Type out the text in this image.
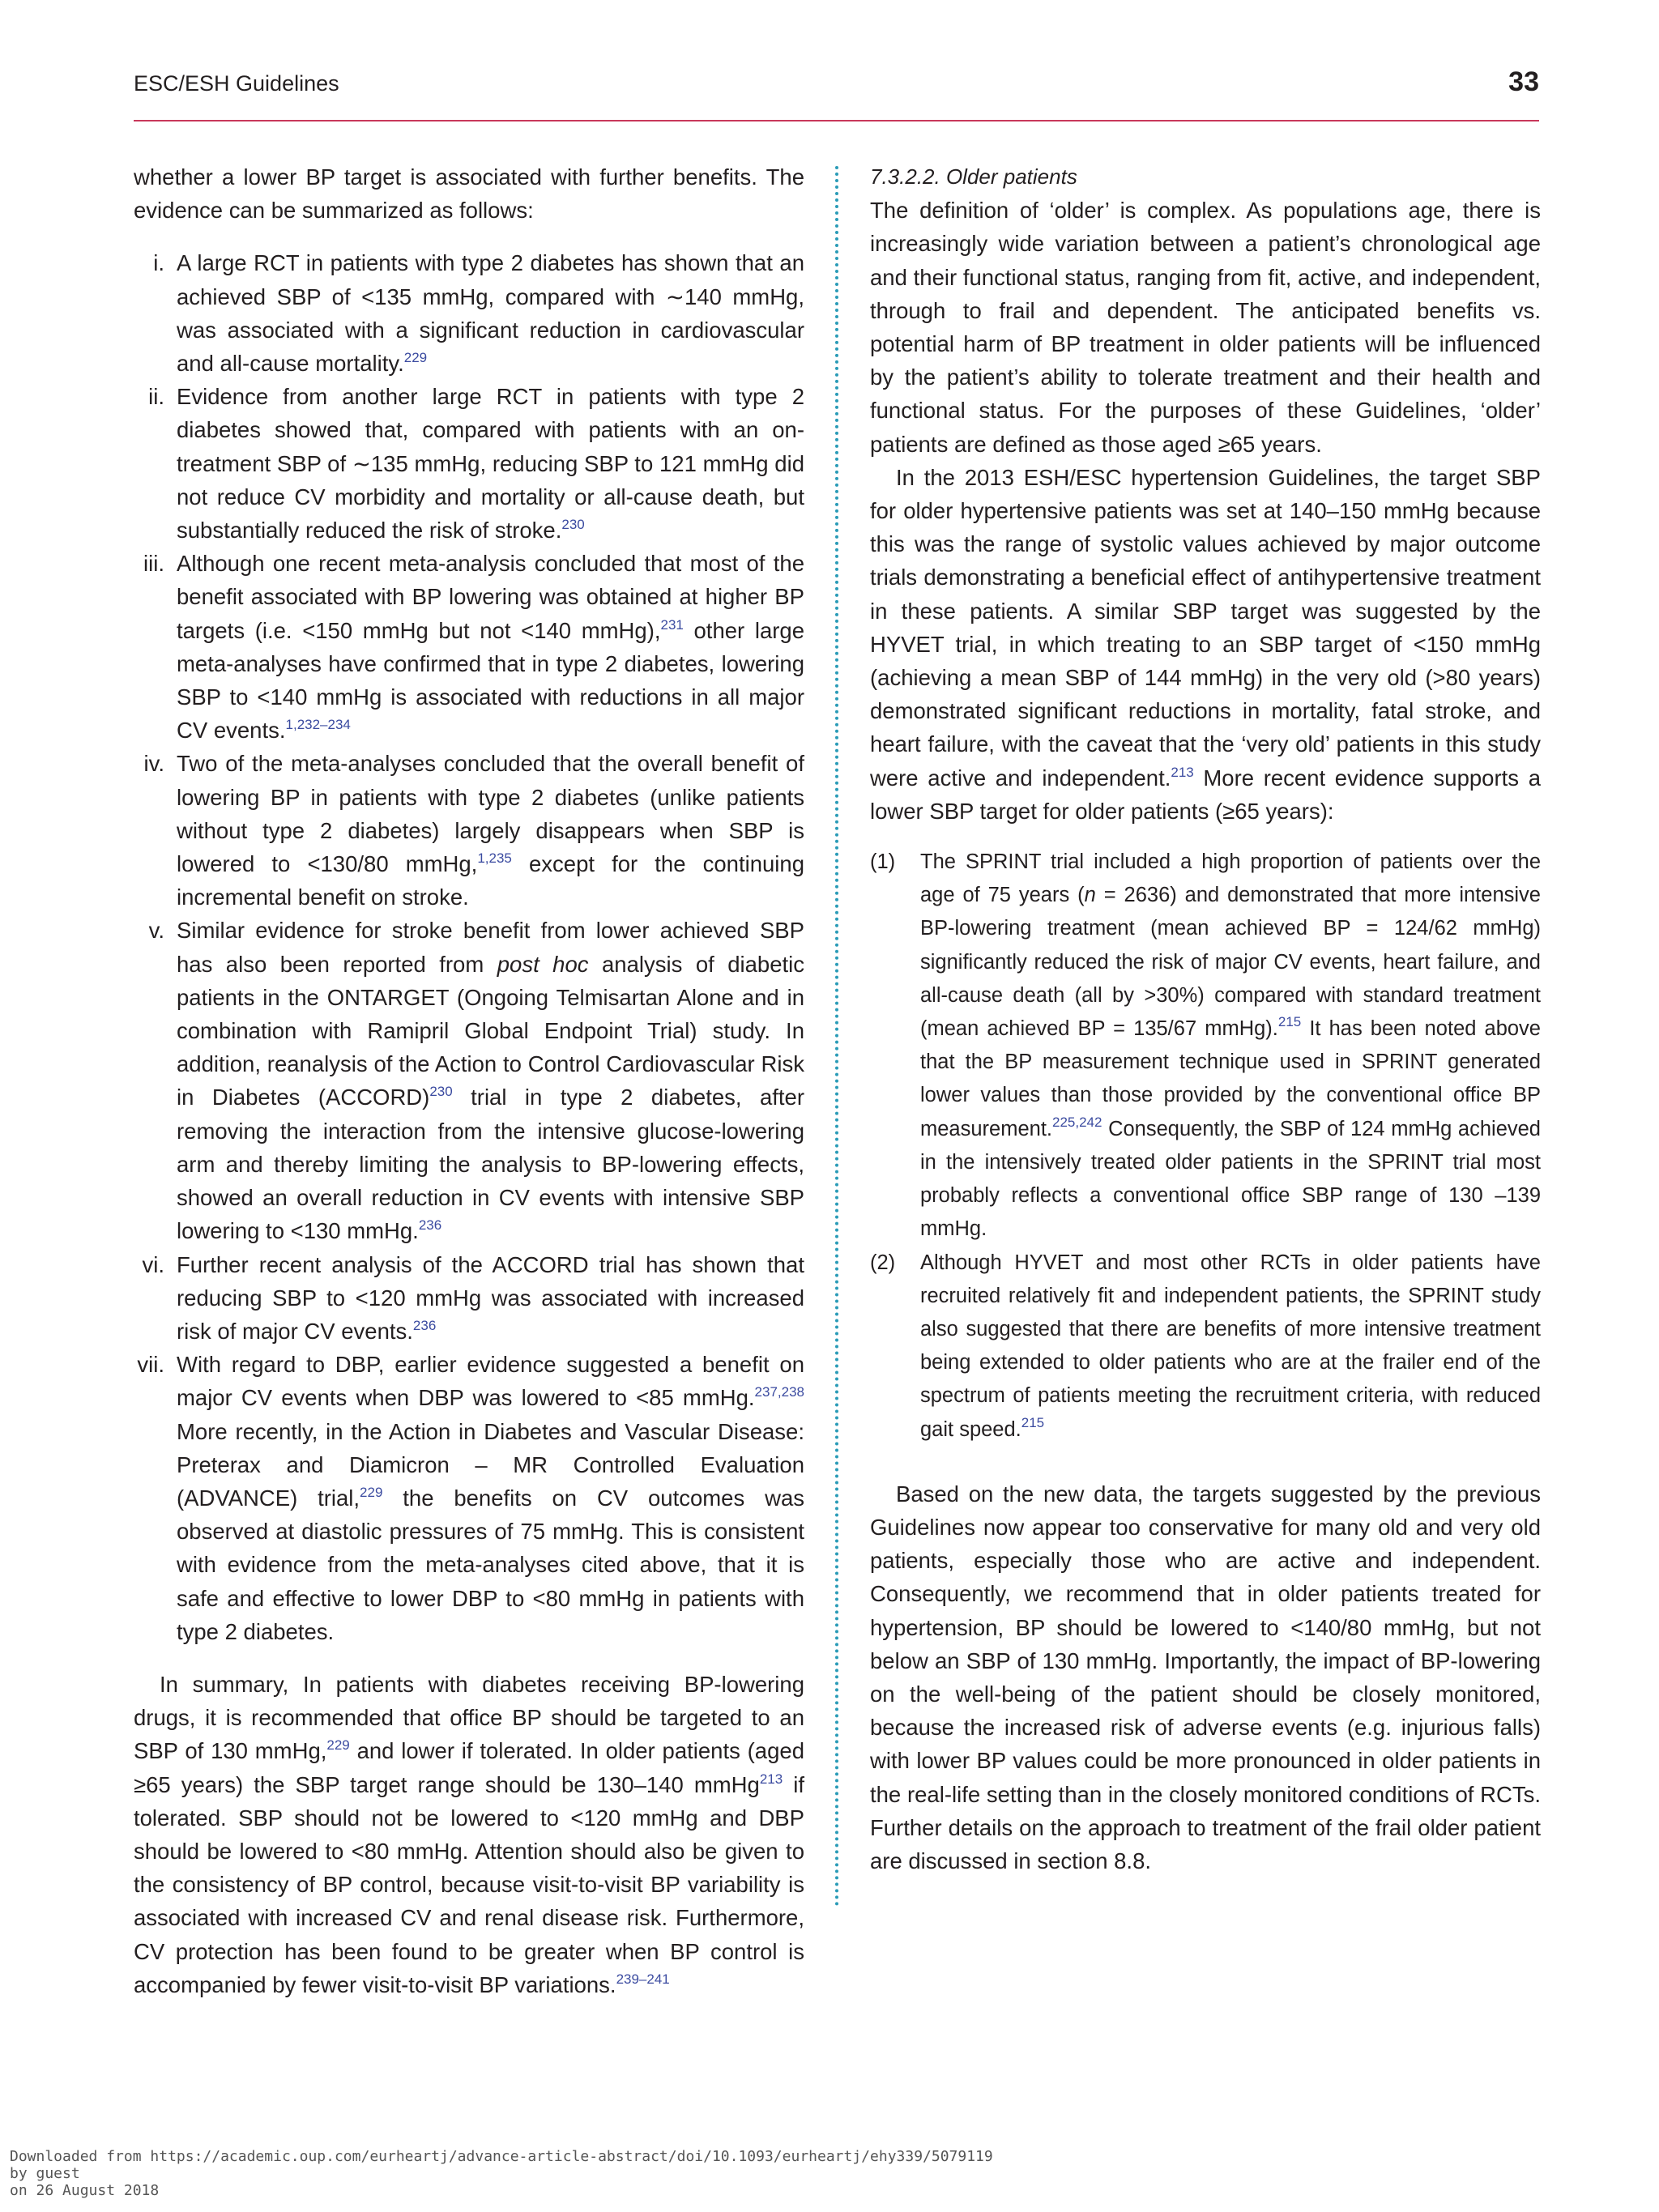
ESC/ESH Guidelines	33

whether a lower BP target is associated with further benefits. The evidence can be summarized as follows:

i. A large RCT in patients with type 2 diabetes has shown that an achieved SBP of <135 mmHg, compared with ∼140 mmHg, was associated with a significant reduction in cardiovascular and all-cause mortality.$^{229}$
ii. Evidence from another large RCT in patients with type 2 diabetes showed that, compared with patients with an on-treatment SBP of ∼135 mmHg, reducing SBP to 121 mmHg did not reduce CV morbidity and mortality or all-cause death, but substantially reduced the risk of stroke.$^{230}$
iii. Although one recent meta-analysis concluded that most of the benefit associated with BP lowering was obtained at higher BP targets (i.e. <150 mmHg but not <140 mmHg),$^{231}$ other large meta-analyses have confirmed that in type 2 diabetes, lowering SBP to <140 mmHg is associated with reductions in all major CV events.$^{1,232-234}$
iv. Two of the meta-analyses concluded that the overall benefit of lowering BP in patients with type 2 diabetes (unlike patients without type 2 diabetes) largely disappears when SBP is lowered to <130/80 mmHg,$^{1,235}$ except for the continuing incremental benefit on stroke.
v. Similar evidence for stroke benefit from lower achieved SBP has also been reported from post hoc analysis of diabetic patients in the ONTARGET (Ongoing Telmisartan Alone and in combination with Ramipril Global Endpoint Trial) study. In addition, reanalysis of the Action to Control Cardiovascular Risk in Diabetes (ACCORD)$^{230}$ trial in type 2 diabetes, after removing the interaction from the intensive glucose-lowering arm and thereby limiting the analysis to BP-lowering effects, showed an overall reduction in CV events with intensive SBP lowering to <130 mmHg.$^{236}$
vi. Further recent analysis of the ACCORD trial has shown that reducing SBP to <120 mmHg was associated with increased risk of major CV events.$^{236}$
vii. With regard to DBP, earlier evidence suggested a benefit on major CV events when DBP was lowered to <85 mmHg.$^{237,238}$ More recently, in the Action in Diabetes and Vascular Disease: Preterax and Diamicron – MR Controlled Evaluation (ADVANCE) trial,$^{229}$ the benefits on CV outcomes was observed at diastolic pressures of 75 mmHg. This is consistent with evidence from the meta-analyses cited above, that it is safe and effective to lower DBP to <80 mmHg in patients with type 2 diabetes.

In summary, In patients with diabetes receiving BP-lowering drugs, it is recommended that office BP should be targeted to an SBP of 130 mmHg,$^{229}$ and lower if tolerated. In older patients (aged ≥65 years) the SBP target range should be 130–140 mmHg$^{213}$ if tolerated. SBP should not be lowered to <120 mmHg and DBP should be lowered to <80 mmHg. Attention should also be given to the consistency of BP control, because visit-to-visit BP variability is associated with increased CV and renal disease risk. Furthermore, CV protection has been found to be greater when BP control is accompanied by fewer visit-to-visit BP variations.$^{239-241}$

7.3.2.2. Older patients

The definition of ‘older’ is complex. As populations age, there is increasingly wide variation between a patient’s chronological age and their functional status, ranging from fit, active, and independent, through to frail and dependent. The anticipated benefits vs. potential harm of BP treatment in older patients will be influenced by the patient’s ability to tolerate treatment and their health and functional status. For the purposes of these Guidelines, ‘older’ patients are defined as those aged ≥65 years.

In the 2013 ESH/ESC hypertension Guidelines, the target SBP for older hypertensive patients was set at 140–150 mmHg because this was the range of systolic values achieved by major outcome trials demonstrating a beneficial effect of antihypertensive treatment in these patients. A similar SBP target was suggested by the HYVET trial, in which treating to an SBP target of <150 mmHg (achieving a mean SBP of 144 mmHg) in the very old (>80 years) demonstrated significant reductions in mortality, fatal stroke, and heart failure, with the caveat that the ‘very old’ patients in this study were active and independent.$^{213}$ More recent evidence supports a lower SBP target for older patients (≥65 years):

(1) The SPRINT trial included a high proportion of patients over the age of 75 years (n = 2636) and demonstrated that more intensive BP-lowering treatment (mean achieved BP = 124/62 mmHg) significantly reduced the risk of major CV events, heart failure, and all-cause death (all by >30%) compared with standard treatment (mean achieved BP = 135/67 mmHg).$^{215}$ It has been noted above that the BP measurement technique used in SPRINT generated lower values than those provided by the conventional office BP measurement.$^{225,242}$ Consequently, the SBP of 124 mmHg achieved in the intensively treated older patients in the SPRINT trial most probably reflects a conventional office SBP range of 130 –139 mmHg.
(2) Although HYVET and most other RCTs in older patients have recruited relatively fit and independent patients, the SPRINT study also suggested that there are benefits of more intensive treatment being extended to older patients who are at the frailer end of the spectrum of patients meeting the recruitment criteria, with reduced gait speed.$^{215}$

Based on the new data, the targets suggested by the previous Guidelines now appear too conservative for many old and very old patients, especially those who are active and independent. Consequently, we recommend that in older patients treated for hypertension, BP should be lowered to <140/80 mmHg, but not below an SBP of 130 mmHg. Importantly, the impact of BP-lowering on the well-being of the patient should be closely monitored, because the increased risk of adverse events (e.g. injurious falls) with lower BP values could be more pronounced in older patients in the real-life setting than in the closely monitored conditions of RCTs. Further details on the approach to treatment of the frail older patient are discussed in section 8.8.

Downloaded from https://academic.oup.com/eurheartj/advance-article-abstract/doi/10.1093/eurheartj/ehy339/5079119
by guest
on 26 August 2018
